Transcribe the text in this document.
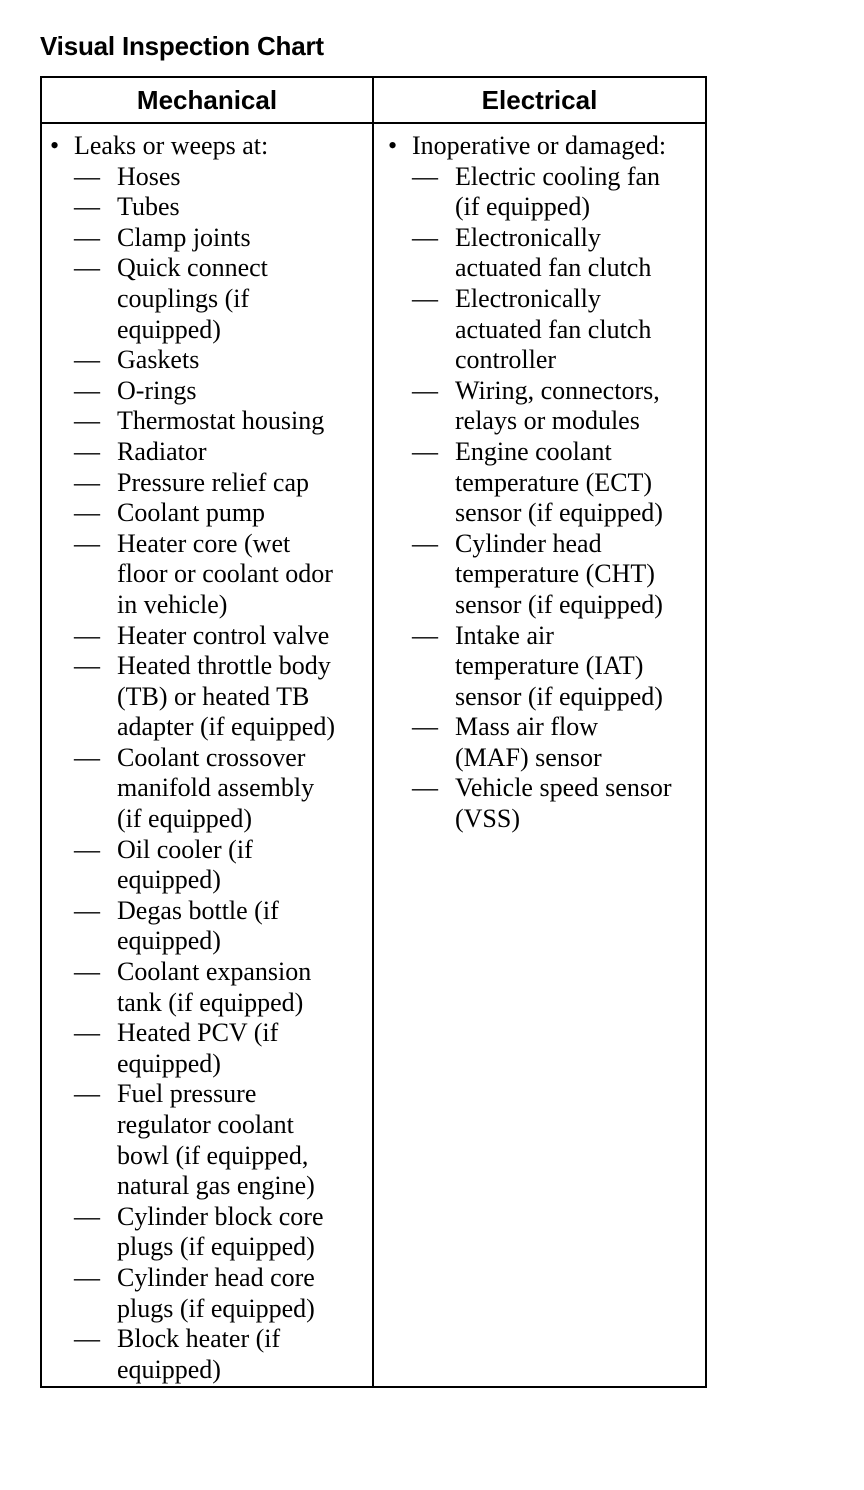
Visual Inspection Chart
Mechanical	Electrical
• Leaks or weeps at:
— Hoses
— Tubes
— Clamp joints
— Quick connect
couplings (if
equipped)
— Gaskets
— O-rings
— Thermostat housing
— Radiator
— Pressure relief cap
— Coolant pump
— Heater core (wet
floor or coolant odor
in vehicle)
— Heater control valve
— Heated throttle body
(TB) or heated TB
adapter (if equipped)
— Coolant crossover
manifold assembly
(if equipped)
— Oil cooler (if
equipped)
— Degas bottle (if
equipped)
— Coolant expansion
tank (if equipped)
— Heated PCV (if
equipped)
— Fuel pressure
regulator coolant
bowl (if equipped,
natural gas engine)
— Cylinder block core
plugs (if equipped)
— Cylinder head core
plugs (if equipped)
— Block heater (if
equipped)
• Inoperative or damaged:
— Electric cooling fan
(if equipped)
— Electronically
actuated fan clutch
— Electronically
actuated fan clutch
controller
— Wiring, connectors,
relays or modules
— Engine coolant
temperature (ECT)
sensor (if equipped)
— Cylinder head
temperature (CHT)
sensor (if equipped)
— Intake air
temperature (IAT)
sensor (if equipped)
— Mass air flow
(MAF) sensor
— Vehicle speed sensor
(VSS)
